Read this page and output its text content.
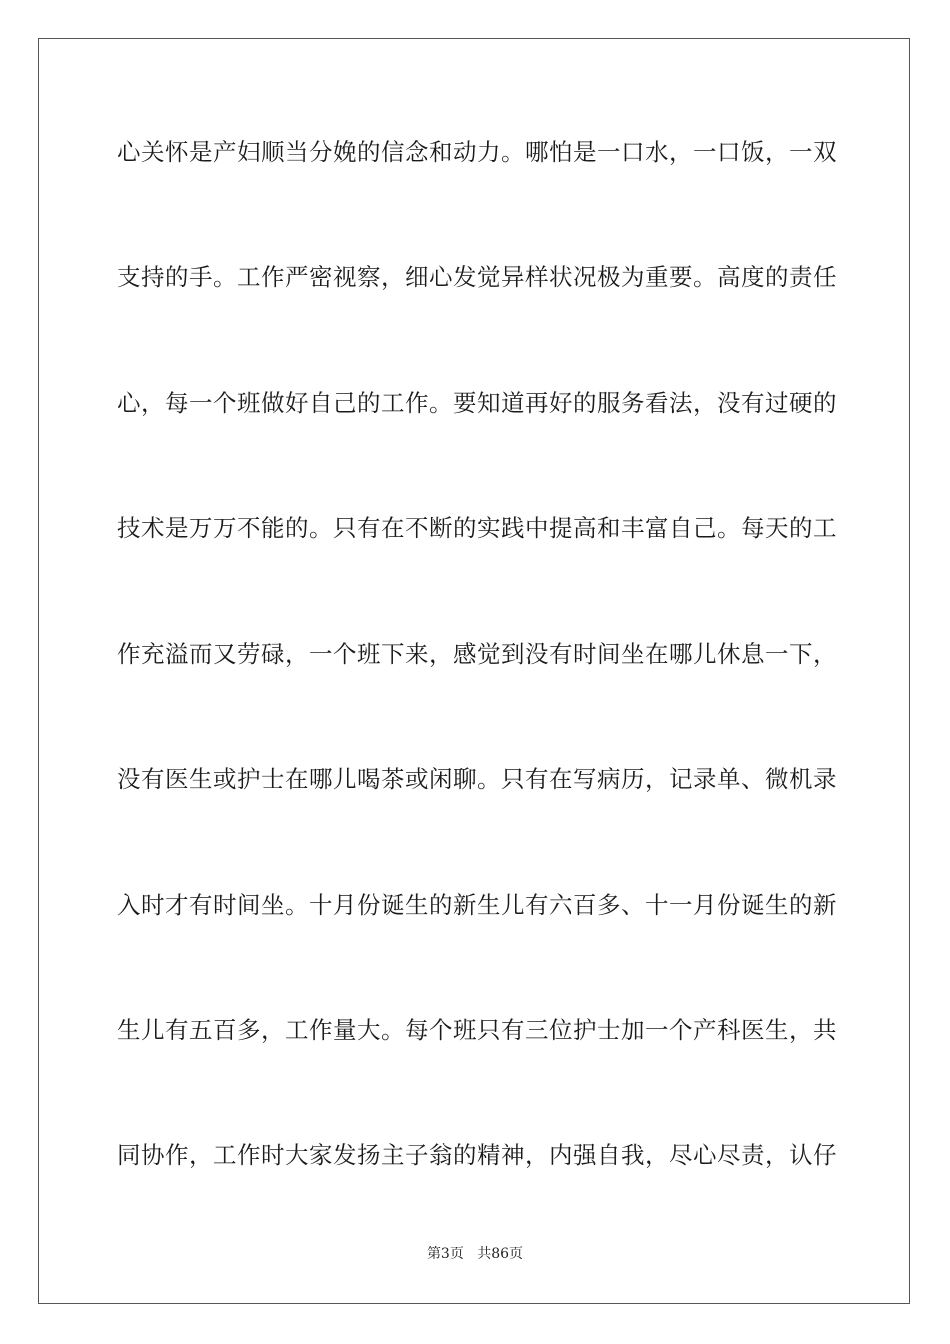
心关怀是产妇顺当分娩的信念和动力。哪怕是一口水，一口饭，一双
支持的手。工作严密视察，细心发觉异样状况极为重要。高度的责任
心，每一个班做好自己的工作。要知道再好的服务看法，没有过硬的
技术是万万不能的。只有在不断的实践中提高和丰富自己。每天的工
作充溢而又劳碌，一个班下来，感觉到没有时间坐在哪儿休息一下，
没有医生或护士在哪儿喝茶或闲聊。只有在写病历，记录单、微机录
入时才有时间坐。十月份诞生的新生儿有六百多、十一月份诞生的新
生儿有五百多，工作量大。每个班只有三位护士加一个产科医生，共
同协作，工作时大家发扬主子翁的精神，内强自我，尽心尽责，认仔
第3页 共86页
